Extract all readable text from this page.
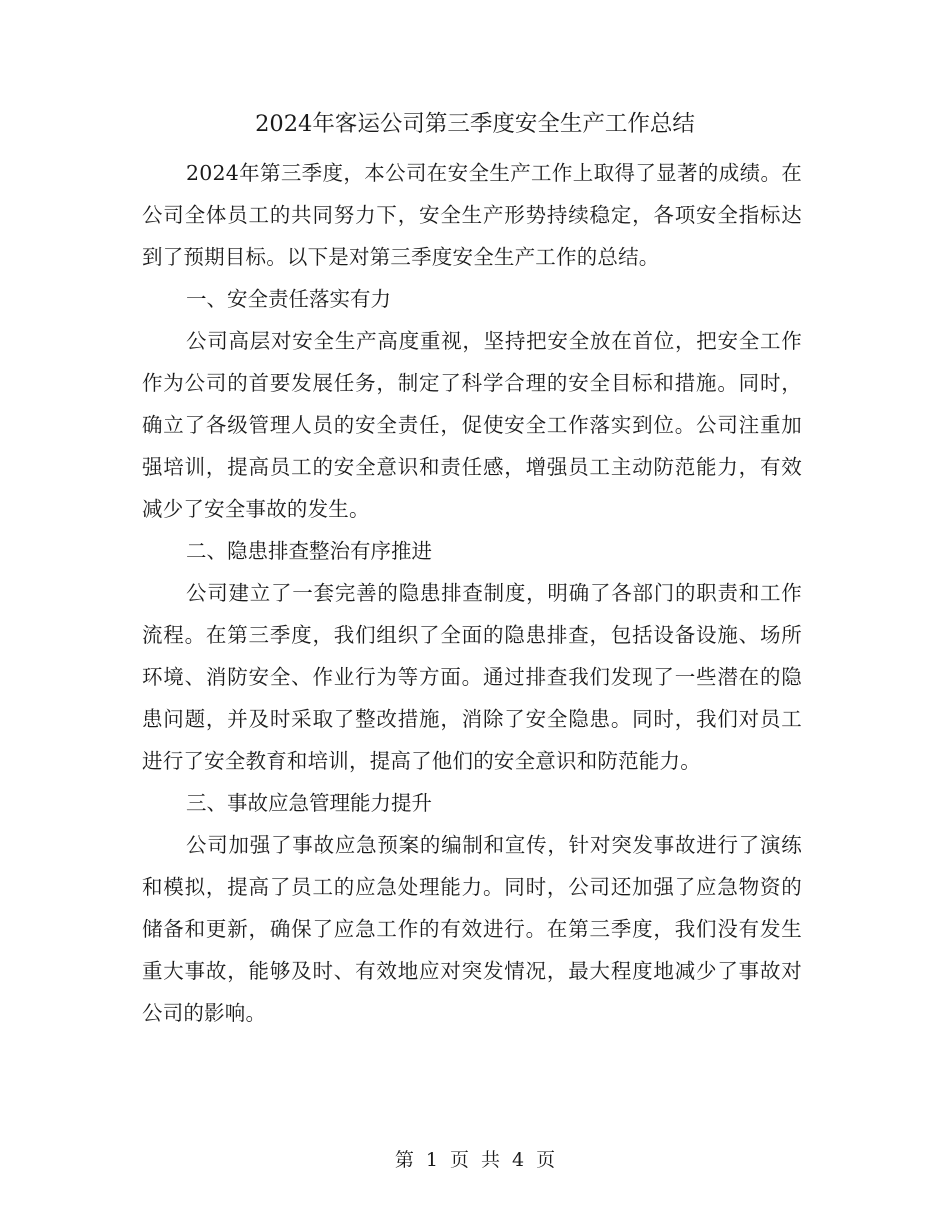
2024年客运公司第三季度安全生产工作总结

2024年第三季度，本公司在安全生产工作上取得了显著的成绩。在公司全体员工的共同努力下，安全生产形势持续稳定，各项安全指标达到了预期目标。以下是对第三季度安全生产工作的总结。

一、安全责任落实有力

公司高层对安全生产高度重视，坚持把安全放在首位，把安全工作作为公司的首要发展任务，制定了科学合理的安全目标和措施。同时，确立了各级管理人员的安全责任，促使安全工作落实到位。公司注重加强培训，提高员工的安全意识和责任感，增强员工主动防范能力，有效减少了安全事故的发生。

二、隐患排查整治有序推进

公司建立了一套完善的隐患排查制度，明确了各部门的职责和工作流程。在第三季度，我们组织了全面的隐患排查，包括设备设施、场所环境、消防安全、作业行为等方面。通过排查我们发现了一些潜在的隐患问题，并及时采取了整改措施，消除了安全隐患。同时，我们对员工进行了安全教育和培训，提高了他们的安全意识和防范能力。

三、事故应急管理能力提升

公司加强了事故应急预案的编制和宣传，针对突发事故进行了演练和模拟，提高了员工的应急处理能力。同时，公司还加强了应急物资的储备和更新，确保了应急工作的有效进行。在第三季度，我们没有发生重大事故，能够及时、有效地应对突发情况，最大程度地减少了事故对公司的影响。

第 1 页 共 4 页
